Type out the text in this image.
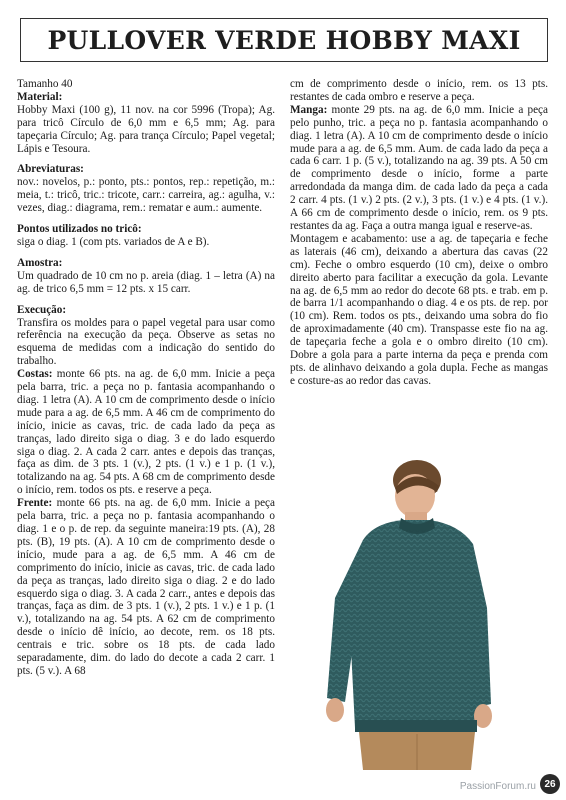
PULLOVER VERDE HOBBY MAXI

Tamanho 40

Material:

Hobby Maxi (100 g), 11 nov. na cor 5996 (Tropa); Ag. para tricô Círculo de 6,0 mm e 6,5 mm; Ag. para tapeçaria Círculo; Ag. para trança Círculo; Papel vegetal; Lápis e Tesoura.

Abreviaturas:

nov.: novelos, p.: ponto, pts.: pontos, rep.: repetição, m.: meia, t.: tricô, tric.: tricote, carr.: carreira, ag.: agulha, v.: vezes, diag.: diagrama, rem.: rematar e aum.: aumente.

Pontos utilizados no tricô:

siga o diag. 1 (com pts. variados de A e B).

Amostra:

Um quadrado de 10 cm no p. areia (diag. 1 – letra (A) na ag. de trico 6,5 mm = 12 pts. x 15 carr.

Execução:

Transfira os moldes para o papel vegetal para usar como referência na execução da peça. Observe as setas no esquema de medidas com a indicação do sentido do trabalho.

Costas: monte 66 pts. na ag. de 6,0 mm. Inicie a peça pela barra, tric. a peça no p. fantasia acompanhando o diag. 1 letra (A). A 10 cm de comprimento desde o início mude para a ag. de 6,5 mm. A 46 cm de comprimento do início, inicie as cavas, tric. de cada lado da peça as tranças, lado direito siga o diag. 3 e do lado esquerdo siga o diag. 2. A cada 2 carr. antes e depois das tranças, faça as dim. de 3 pts. 1 (v.), 2 pts. (1 v.) e 1 p. (1 v.), totalizando na ag. 54 pts. A 68 cm de comprimento desde o início, rem. todos os pts. e reserve a peça.

Frente: monte 66 pts. na ag. de 6,0 mm. Inicie a peça pela barra, tric. a peça no p. fantasia acompanhando o diag. 1 e o p. de rep. da seguinte maneira:19 pts. (A), 28 pts. (B), 19 pts. (A). A 10 cm de comprimento desde o início, mude para a ag. de 6,5 mm. A 46 cm de comprimento do início, inicie as cavas, tric. de cada lado da peça as tranças, lado direito siga o diag. 2 e do lado esquerdo siga o diag. 3. A cada 2 carr., antes e depois das tranças, faça as dim. de 3 pts. 1 (v.), 2 pts. 1 v.) e 1 p. (1 v.), totalizando na ag. 54 pts. A 62 cm de comprimento desde o início dê início, ao decote, rem. os 18 pts. centrais e tric. sobre os 18 pts. de cada lado separadamente, dim. do lado do decote a cada 2 carr. 1 pts. (5 v.). A 68

cm de comprimento desde o início, rem. os 13 pts. restantes de cada ombro e reserve a peça.

Manga: monte 29 pts. na ag. de 6,0 mm. Inicie a peça pelo punho, tric. a peça no p. fantasia acompanhando o diag. 1 letra (A). A 10 cm de comprimento desde o início mude para a ag. de 6,5 mm. Aum. de cada lado da peça a cada 6 carr. 1 p. (5 v.), totalizando na ag. 39 pts. A 50 cm de comprimento desde o início, forme a parte arredondada da manga dim. de cada lado da peça a cada 2 carr. 4 pts. (1 v.) 2 pts. (2 v.), 3 pts. (1 v.) e 4 pts. (1 v.). A 66 cm de comprimento desde o início, rem. os 9 pts. restantes da ag. Faça a outra manga igual e reserve-as.

Montagem e acabamento: use a ag. de tapeçaria e feche as laterais (46 cm), deixando a abertura das cavas (22 cm). Feche o ombro esquerdo (10 cm), deixe o ombro direito aberto para facilitar a execução da gola. Levante na ag. de 6,5 mm ao redor do decote 68 pts. e trab. em p. de barra 1/1 acompanhando o diag. 4 e os pts. de rep. por (10 cm). Rem. todos os pts., deixando uma sobra do fio de aproximadamente (40 cm). Transpasse este fio na ag. de tapeçaria feche a gola e o ombro direito (10 cm). Dobre a gola para a parte interna da peça e prenda com pts. de alinhavo deixando a gola dupla. Feche as mangas e costure-as ao redor das cavas.

PassionForum.ru 26
